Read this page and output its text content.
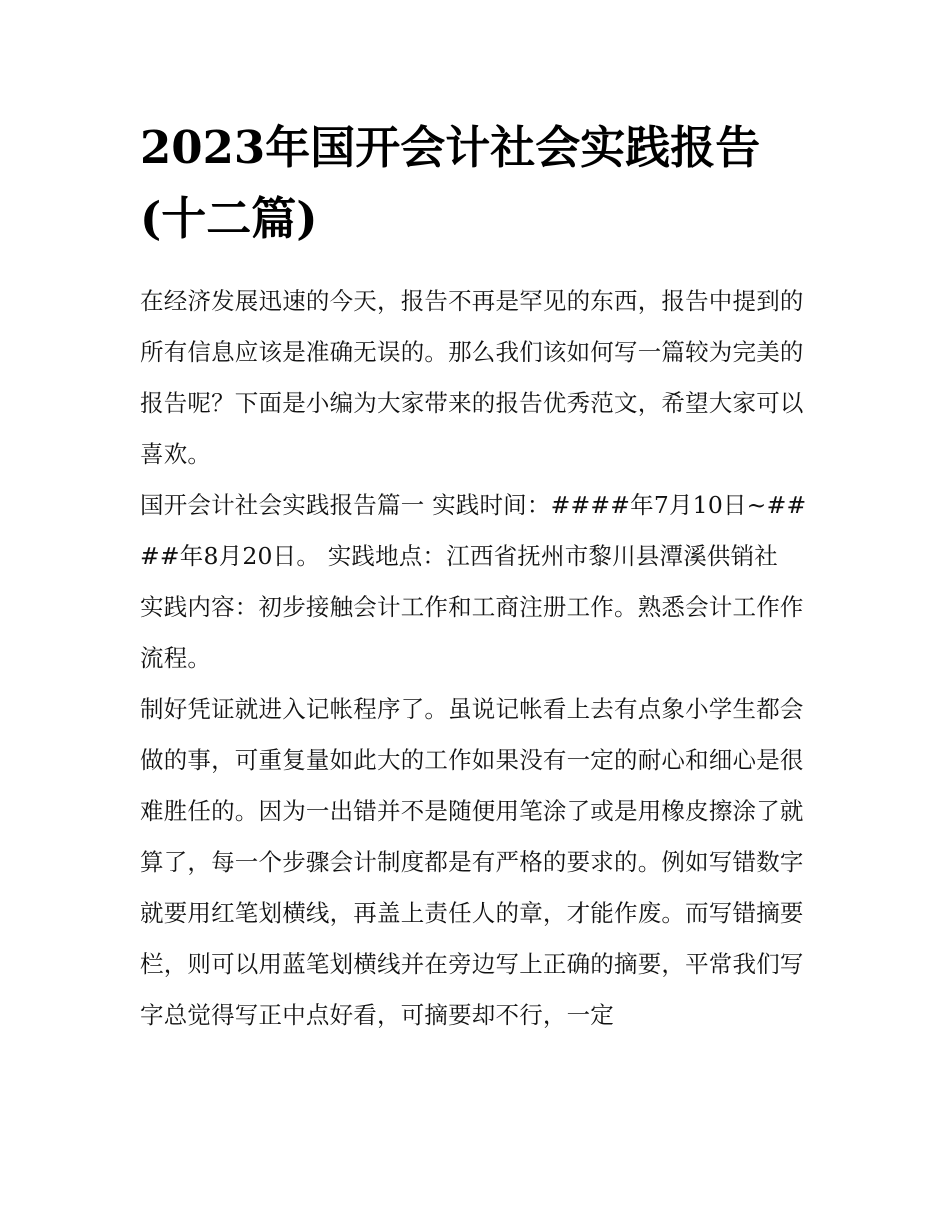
2023年国开会计社会实践报告(十二篇)

在经济发展迅速的今天，报告不再是罕见的东西，报告中提到的所有信息应该是准确无误的。那么我们该如何写一篇较为完美的报告呢？下面是小编为大家带来的报告优秀范文，希望大家可以喜欢。

国开会计社会实践报告篇一 实践时间：####年7月10日~####年8月20日。 实践地点：江西省抚州市黎川县潭溪供销社

实践内容：初步接触会计工作和工商注册工作。熟悉会计工作作流程。

制好凭证就进入记帐程序了。虽说记帐看上去有点象小学生都会做的事，可重复量如此大的工作如果没有一定的耐心和细心是很难胜任的。因为一出错并不是随便用笔涂了或是用橡皮擦涂了就算了，每一个步骤会计制度都是有严格的要求的。例如写错数字就要用红笔划横线，再盖上责任人的章，才能作废。而写错摘要栏，则可以用蓝笔划横线并在旁边写上正确的摘要，平常我们写字总觉得写正中点好看，可摘要却不行，一定
